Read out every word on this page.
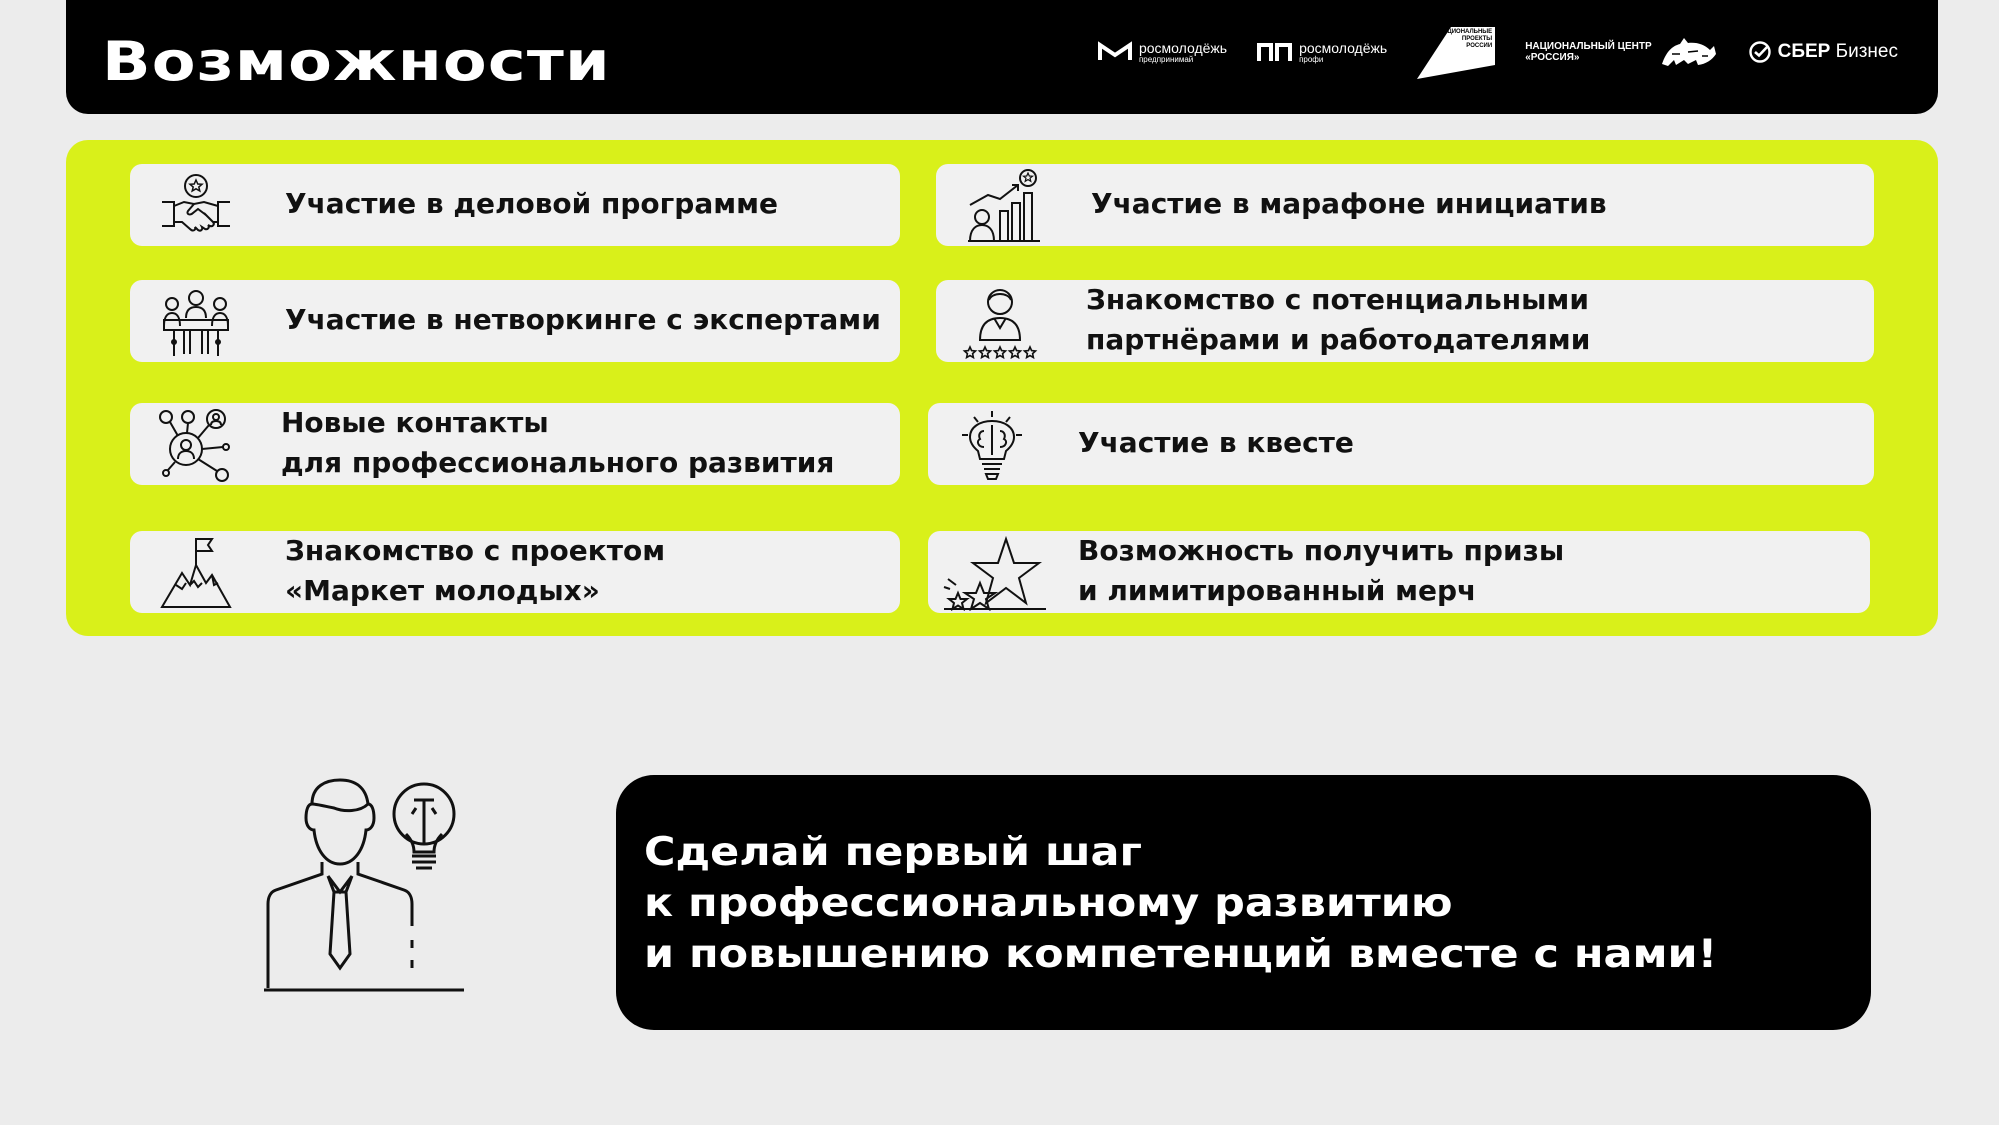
Возможности	росмолодёжь
предпринимай
росмолодёжь
профи
НАЦИОНАЛЬНЫЕ
ПРОЕКТЫ
РОССИИ	НАЦИОНАЛЬНЫЙ ЦЕНТР
«РОССИЯ»	СБЕР Бизнес
Участие в деловой программе	Участие в марафоне инициатив
Участие в нетворкинге с экспертами
Знакомство с потенциальными
партнёрами и работодателями
Новые контакты
для профессионального развития
Участие в квесте
Знакомство с проектом
«Маркет молодых»
Возможность получить призы
и лимитированный мерч
Сделай первый шаг
к профессиональному развитию
и повышению компетенций вместе с нами!
